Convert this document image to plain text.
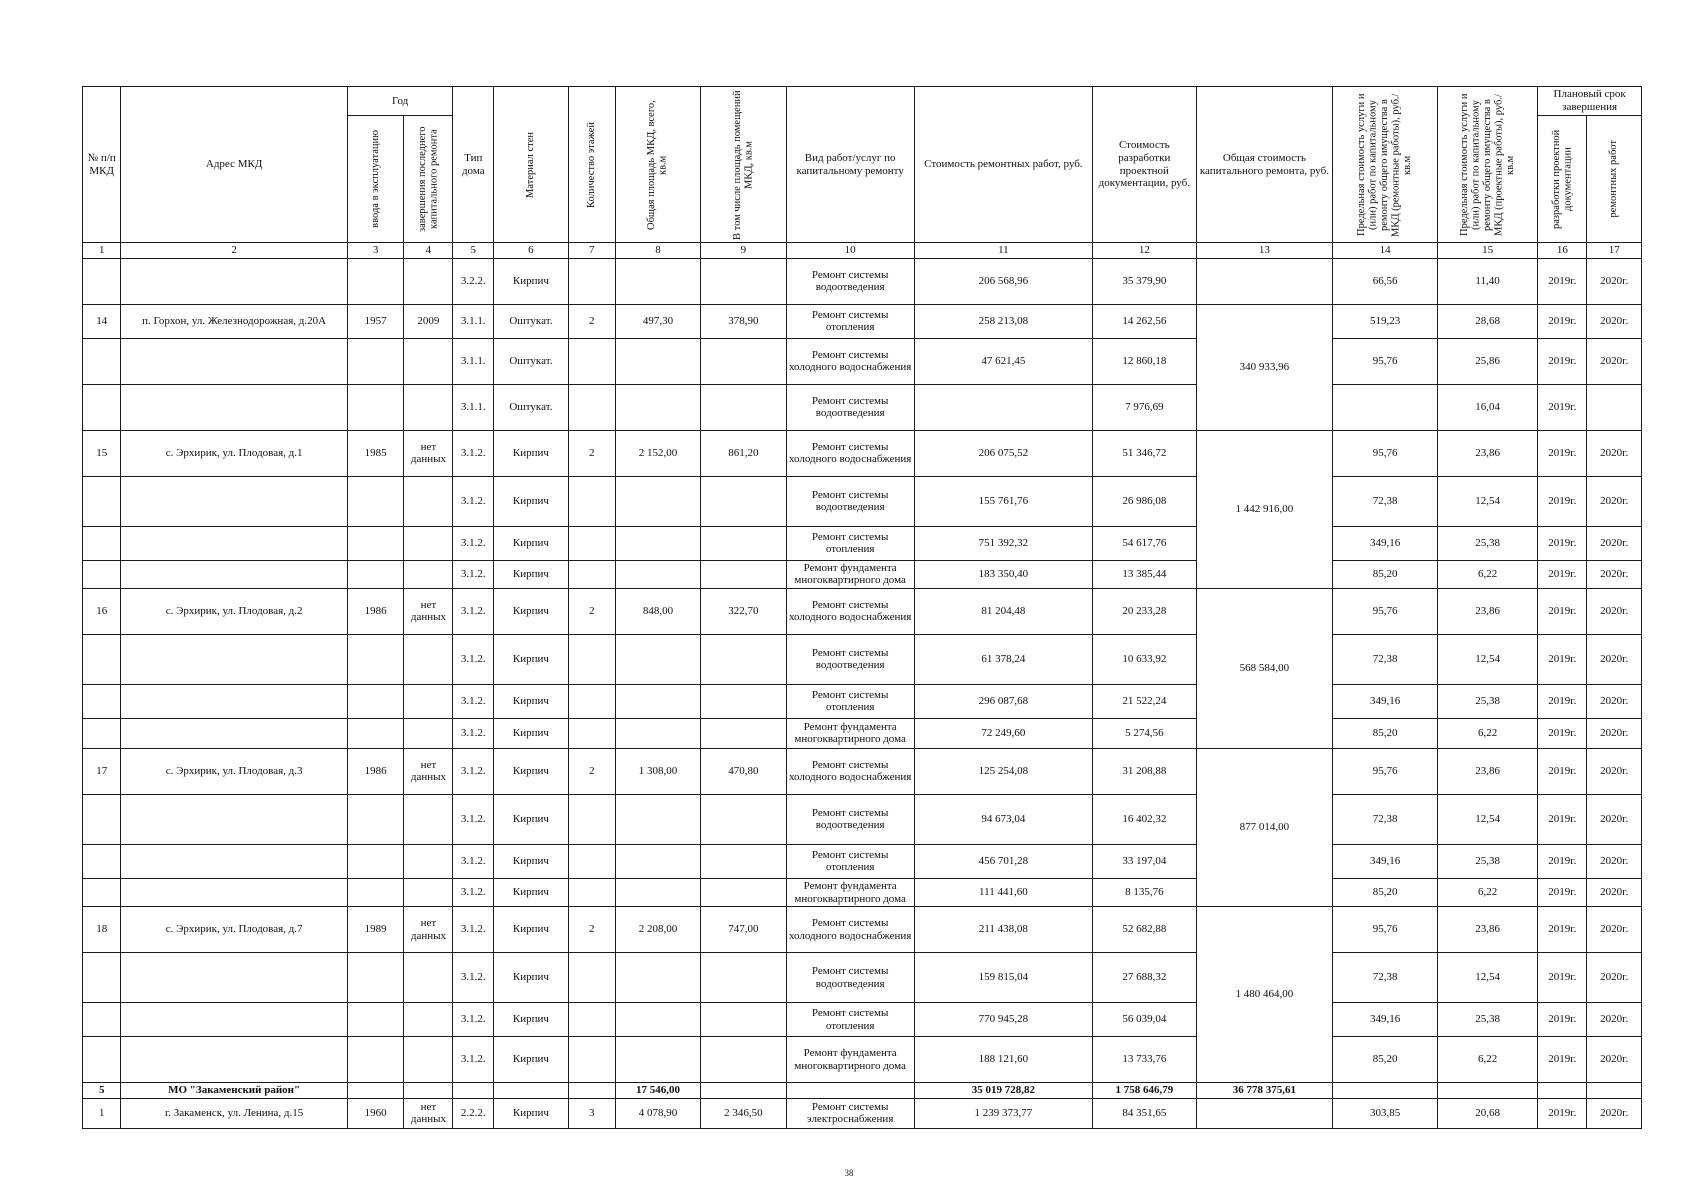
№ п/п МКД	Адрес МКД	Год		Тип дома	Материал стен	Количество этажей	Общая площадь МКД, всего, кв.м	В том числе площадь помещений МКД, кв.м	Вид работ/услуг по капитальному ремонту	Стоимость ремонтных работ, руб.	Стоимость разработки проектной документации, руб.	Общая стоимость капитального ремонта, руб.	Предельная стоимость услуги и (или) работ по капитальному ремонту общего имущества в МКД (ремонтные работы), руб./кв.м	Предельная стоимость услуги и (или) работ по капитальному ремонту общего имущества в МКД (проектные работы), руб./кв.м	Плановый срок завершения	

		ввода в эксплуатацию	завершения последнего капитального ремонта												разработки проектной документации	ремонтных работ

1	2	3	4	5	6	7	8	9	10	11	12	13	14	15	16	17
				3.2.2.	Кирпич				Ремонт системы водоотведения	206 568,96	35 379,90		66,56	11,40	2019г.	2020г.
14	п. Горхон, ул. Железнодорожная, д.20А	1957	2009	3.1.1.	Оштукат.	2	497,30	378,90	Ремонт системы отопления	258 213,08	14 262,56	340 933,96	519,23	28,68	2019г.	2020г.
				3.1.1.	Оштукат.				Ремонт системы холодного водоснабжения	47 621,45	12 860,18		95,76	25,86	2019г.	2020г.
				3.1.1.	Оштукат.				Ремонт системы водоотведения		7 976,69			16,04	2019г.	
15	с. Эрхирик, ул. Плодовая, д.1	1985	нет данных	3.1.2.	Кирпич	2	2 152,00	861,20	Ремонт системы холодного водоснабжения	206 075,52	51 346,72	1 442 916,00	95,76	23,86	2019г.	2020г.
				3.1.2.	Кирпич				Ремонт системы водоотведения	155 761,76	26 986,08		72,38	12,54	2019г.	2020г.
				3.1.2.	Кирпич				Ремонт системы отопления	751 392,32	54 617,76		349,16	25,38	2019г.	2020г.
				3.1.2.	Кирпич				Ремонт фундамента многоквартирного дома	183 350,40	13 385,44		85,20	6,22	2019г.	2020г.
16	с. Эрхирик, ул. Плодовая, д.2	1986	нет данных	3.1.2.	Кирпич	2	848,00	322,70	Ремонт системы холодного водоснабжения	81 204,48	20 233,28	568 584,00	95,76	23,86	2019г.	2020г.
				3.1.2.	Кирпич				Ремонт системы водоотведения	61 378,24	10 633,92		72,38	12,54	2019г.	2020г.
				3.1.2.	Кирпич				Ремонт системы отопления	296 087,68	21 522,24		349,16	25,38	2019г.	2020г.
				3.1.2.	Кирпич				Ремонт фундамента многоквартирного дома	72 249,60	5 274,56		85,20	6,22	2019г.	2020г.
17	с. Эрхирик, ул. Плодовая, д.3	1986	нет данных	3.1.2.	Кирпич	2	1 308,00	470,80	Ремонт системы холодного водоснабжения	125 254,08	31 208,88	877 014,00	95,76	23,86	2019г.	2020г.
				3.1.2.	Кирпич				Ремонт системы водоотведения	94 673,04	16 402,32		72,38	12,54	2019г.	2020г.
				3.1.2.	Кирпич				Ремонт системы отопления	456 701,28	33 197,04		349,16	25,38	2019г.	2020г.
				3.1.2.	Кирпич				Ремонт фундамента многоквартирного дома	111 441,60	8 135,76		85,20	6,22	2019г.	2020г.
18	с. Эрхирик, ул. Плодовая, д.7	1989	нет данных	3.1.2.	Кирпич	2	2 208,00	747,00	Ремонт системы холодного водоснабжения	211 438,08	52 682,88	1 480 464,00	95,76	23,86	2019г.	2020г.
				3.1.2.	Кирпич				Ремонт системы водоотведения	159 815,04	27 688,32		72,38	12,54	2019г.	2020г.
				3.1.2.	Кирпич				Ремонт системы отопления	770 945,28	56 039,04		349,16	25,38	2019г.	2020г.
				3.1.2.	Кирпич				Ремонт фундамента многоквартирного дома	188 121,60	13 733,76		85,20	6,22	2019г.	2020г.
5	МО "Закаменский район"						17 546,00			35 019 728,82	1 758 646,79	36 778 375,61				
1	г. Закаменск, ул. Ленина, д.15	1960	нет данных	2.2.2.	Кирпич	3	4 078,90	2 346,50	Ремонт системы электроснабжения	1 239 373,77	84 351,65		303,85	20,68	2019г.	2020г.
38
